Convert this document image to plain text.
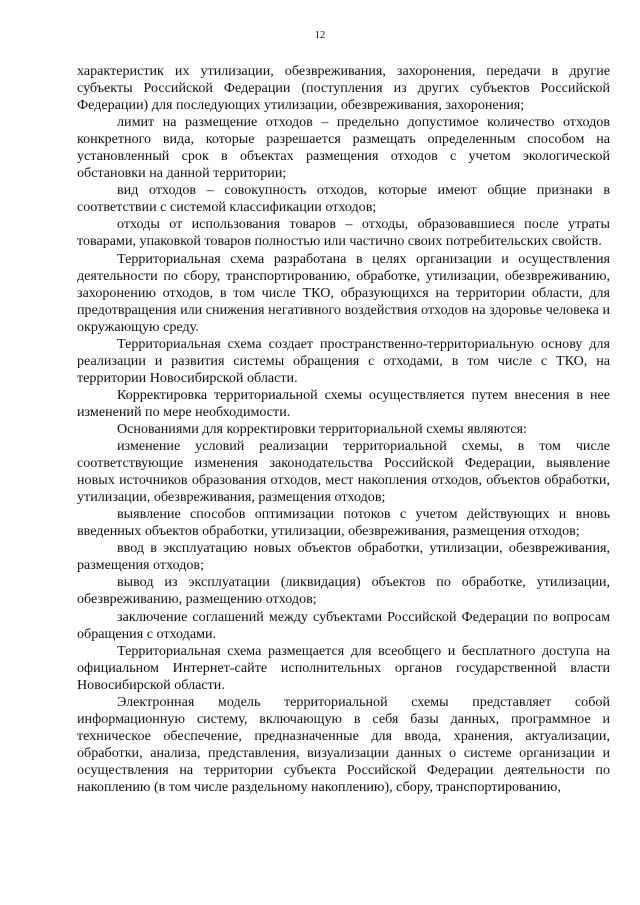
12

характеристик их утилизации, обезвреживания, захоронения, передачи в другие субъекты Российской Федерации (поступления из других субъектов Российской Федерации) для последующих утилизации, обезвреживания, захоронения;

лимит на размещение отходов – предельно допустимое количество отходов конкретного вида, которые разрешается размещать определенным способом на установленный срок в объектах размещения отходов с учетом экологической обстановки на данной территории;

вид отходов – совокупность отходов, которые имеют общие признаки в соответствии с системой классификации отходов;

отходы от использования товаров – отходы, образовавшиеся после утраты товарами, упаковкой товаров полностью или частично своих потребительских свойств.

Территориальная схема разработана в целях организации и осуществления деятельности по сбору, транспортированию, обработке, утилизации, обезвреживанию, захоронению отходов, в том числе ТКО, образующихся на территории области, для предотвращения или снижения негативного воздействия отходов на здоровье человека и окружающую среду.

Территориальная схема создает пространственно-территориальную основу для реализации и развития системы обращения с отходами, в том числе с ТКО, на территории Новосибирской области.

Корректировка территориальной схемы осуществляется путем внесения в нее изменений по мере необходимости.

Основаниями для корректировки территориальной схемы являются:

изменение условий реализации территориальной схемы, в том числе соответствующие изменения законодательства Российской Федерации, выявление новых источников образования отходов, мест накопления отходов, объектов обработки, утилизации, обезвреживания, размещения отходов;

выявление способов оптимизации потоков с учетом действующих и вновь введенных объектов обработки, утилизации, обезвреживания, размещения отходов;

ввод в эксплуатацию новых объектов обработки, утилизации, обезвреживания, размещения отходов;

вывод из эксплуатации (ликвидация) объектов по обработке, утилизации, обезвреживанию, размещению отходов;

заключение соглашений между субъектами Российской Федерации по вопросам обращения с отходами.

Территориальная схема размещается для всеобщего и бесплатного доступа на официальном Интернет-сайте исполнительных органов государственной власти Новосибирской области.

Электронная модель территориальной схемы представляет собой информационную систему, включающую в себя базы данных, программное и техническое обеспечение, предназначенные для ввода, хранения, актуализации, обработки, анализа, представления, визуализации данных о системе организации и осуществления на территории субъекта Российской Федерации деятельности по накоплению (в том числе раздельному накоплению), сбору, транспортированию,
